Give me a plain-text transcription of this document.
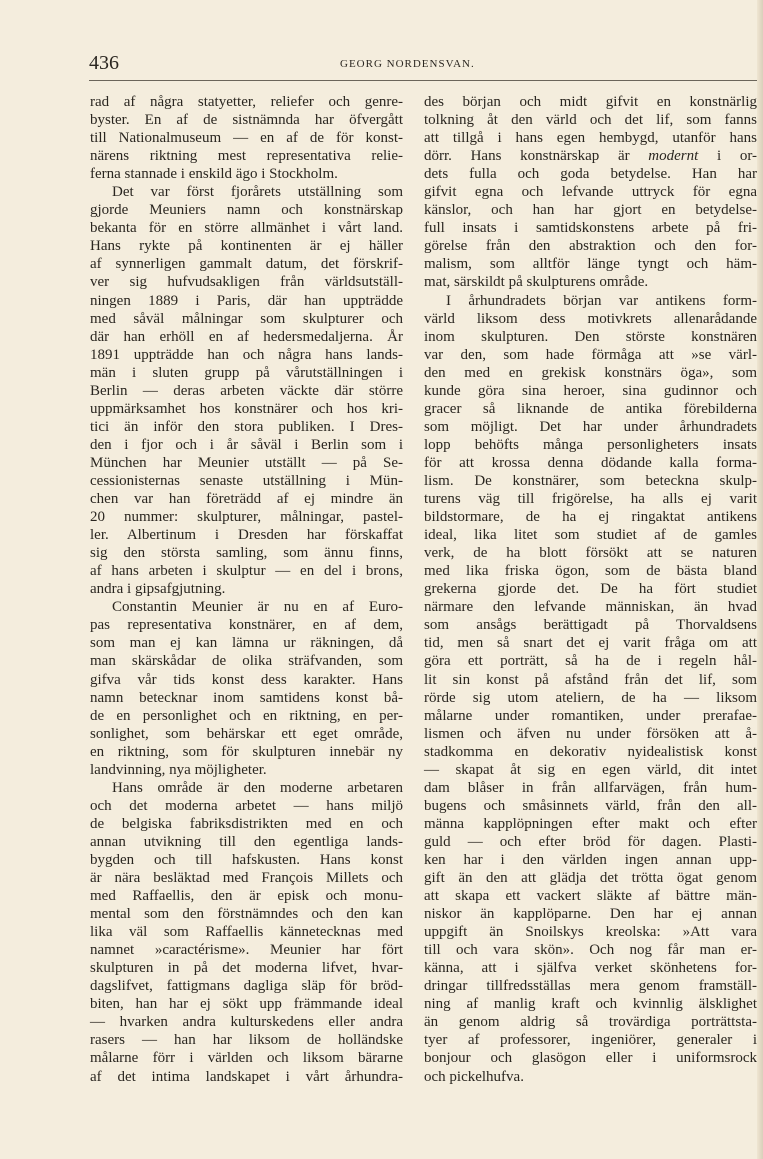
436	GEORG NORDENSVAN.
rad af några statyetter, reliefer och genre-
byster. En af de sistnämnda har öfvergått
till Nationalmuseum — en af de för konst-
närens riktning mest representativa relie-
ferna stannade i enskild ägo i Stockholm.
Det var först fjorårets utställning som
gjorde Meuniers namn och konstnärskap
bekanta för en större allmänhet i vårt land.
Hans rykte på kontinenten är ej häller
af synnerligen gammalt datum, det förskrif-
ver sig hufvudsakligen från världsutställ-
ningen 1889 i Paris, där han uppträdde
med såväl målningar som skulpturer och
där han erhöll en af hedersmedaljerna. År
1891 uppträdde han och några hans lands-
män i sluten grupp på vårutställningen i
Berlin — deras arbeten väckte där större
uppmärksamhet hos konstnärer och hos kri-
tici än inför den stora publiken. I Dres-
den i fjor och i år såväl i Berlin som i
München har Meunier utställt — på Se-
cessionisternas senaste utställning i Mün-
chen var han företrädd af ej mindre än
20 nummer: skulpturer, målningar, pastel-
ler. Albertinum i Dresden har förskaffat
sig den största samling, som ännu finns,
af hans arbeten i skulptur — en del i brons,
andra i gipsafgjutning.
Constantin Meunier är nu en af Euro-
pas representativa konstnärer, en af dem,
som man ej kan lämna ur räkningen, då
man skärskådar de olika sträfvanden, som
gifva vår tids konst dess karakter. Hans
namn betecknar inom samtidens konst bå-
de en personlighet och en riktning, en per-
sonlighet, som behärskar ett eget område,
en riktning, som för skulpturen innebär ny
landvinning, nya möjligheter.
Hans område är den moderne arbetaren
och det moderna arbetet — hans miljö
de belgiska fabriksdistrikten med en och
annan utvikning till den egentliga lands-
bygden och till hafskusten. Hans konst
är nära besläktad med François Millets och
med Raffaellis, den är episk och monu-
mental som den förstnämndes och den kan
lika väl som Raffaellis kännetecknas med
namnet »caractérisme». Meunier har fört
skulpturen in på det moderna lifvet, hvar-
dagslifvet, fattigmans dagliga släp för bröd-
biten, han har ej sökt upp främmande ideal
— hvarken andra kulturskedens eller andra
rasers — han har liksom de holländske
målarne förr i världen och liksom bärarne
af det intima landskapet i vårt århundra-
des början och midt gifvit en konstnärlig
tolkning åt den värld och det lif, som fanns
att tillgå i hans egen hembygd, utanför hans
dörr. Hans konstnärskap är modernt i or-
dets fulla och goda betydelse. Han har
gifvit egna och lefvande uttryck för egna
känslor, och han har gjort en betydelse-
full insats i samtidskonstens arbete på fri-
görelse från den abstraktion och den for-
malism, som alltför länge tyngt och häm-
mat, särskildt på skulpturens område.
I århundradets början var antikens form-
värld liksom dess motivkrets allenarådande
inom skulpturen. Den störste konstnären
var den, som hade förmåga att »se värl-
den med en grekisk konstnärs öga», som
kunde göra sina heroer, sina gudinnor och
gracer så liknande de antika förebilderna
som möjligt. Det har under århundradets
lopp behöfts många personligheters insats
för att krossa denna dödande kalla forma-
lism. De konstnärer, som beteckna skulp-
turens väg till frigörelse, ha alls ej varit
bildstormare, de ha ej ringaktat antikens
ideal, lika litet som studiet af de gamles
verk, de ha blott försökt att se naturen
med lika friska ögon, som de bästa bland
grekerna gjorde det. De ha fört studiet
närmare den lefvande människan, än hvad
som ansågs berättigadt på Thorvaldsens
tid, men så snart det ej varit fråga om att
göra ett porträtt, så ha de i regeln hål-
lit sin konst på afstånd från det lif, som
rörde sig utom ateliern, de ha — liksom
målarne under romantiken, under prerafae-
lismen och äfven nu under försöken att å-
stadkomma en dekorativ nyidealistisk konst
— skapat åt sig en egen värld, dit intet
dam blåser in från allfarvägen, från hum-
bugens och småsinnets värld, från den all-
männa kapplöpningen efter makt och efter
guld — och efter bröd för dagen. Plasti-
ken har i den världen ingen annan upp-
gift än den att glädja det trötta ögat genom
att skapa ett vackert släkte af bättre män-
niskor än kapplöparne. Den har ej annan
uppgift än Snoilskys kreolska: »Att vara
till och vara skön». Och nog får man er-
känna, att i själfva verket skönhetens for-
dringar tillfredsställas mera genom framställ-
ning af manlig kraft och kvinnlig älsklighet
än genom aldrig så trovärdiga porträttsta-
tyer af professorer, ingeniörer, generaler i
bonjour och glasögon eller i uniformsrock
och pickelhufva.
